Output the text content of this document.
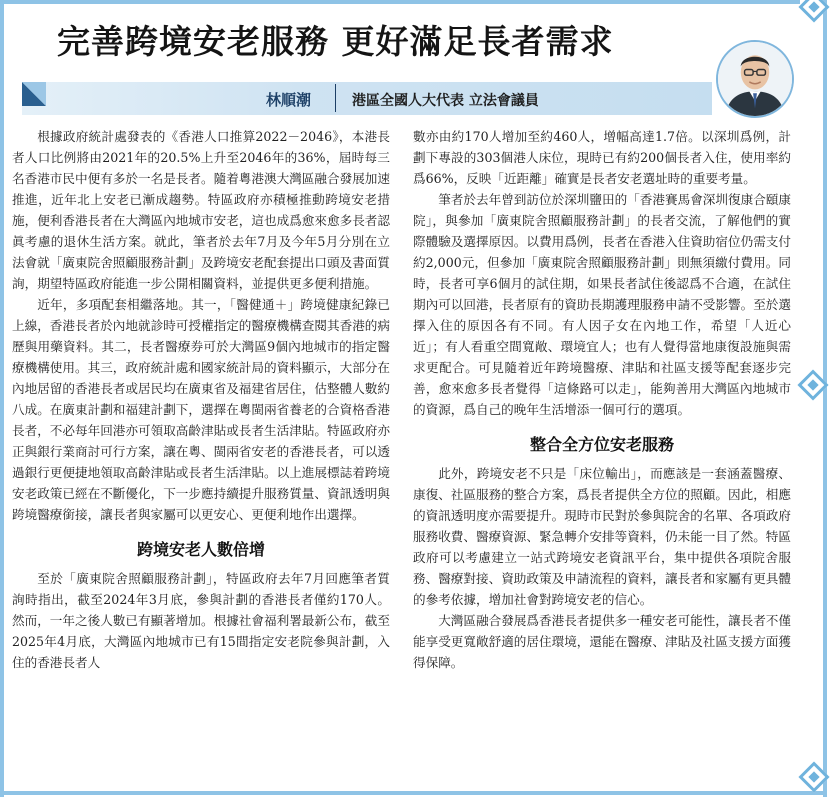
完善跨境安老服務 更好滿足長者需求
林順潮	港區全國人大代表 立法會議員

根據政府統計處發表的《香港人口推算2022－2046》，本港長者人口比例將由2021年的20.5%上升至2046年的36%，屆時每三名香港市民中便有多於一名是長者。隨着粵港澳大灣區融合發展加速推進，近年北上安老已漸成趨勢。特區政府亦積極推動跨境安老措施，便利香港長者在大灣區內地城市安老，這也成爲愈來愈多長者認眞考慮的退休生活方案。就此，筆者於去年7月及今年5月分別在立法會就「廣東院舍照顧服務計劃」及跨境安老配套提出口頭及書面質詢，期望特區政府能進一步公開相關資料，並提供更多便利措施。

近年，多項配套相繼落地。其一，「醫健通＋」跨境健康紀錄已上線，香港長者於內地就診時可授權指定的醫療機構查閱其香港的病歷與用藥資料。其二，長者醫療券可於大灣區9個內地城市的指定醫療機構使用。其三，政府統計處和國家統計局的資料顯示，大部分在內地居留的香港長者或居民均在廣東省及福建省居住，估整體人數約八成。在廣東計劃和福建計劃下，選擇在粵閩兩省養老的合資格香港長者，不必每年回港亦可領取高齡津貼或長者生活津貼。特區政府亦正與銀行業商討可行方案，讓在粵、閩兩省安老的香港長者，可以透過銀行更便捷地領取高齡津貼或長者生活津貼。以上進展標誌着跨境安老政策已經在不斷優化，下一步應持續提升服務質量、資訊透明與跨境醫療銜接，讓長者與家屬可以更安心、更便利地作出選擇。

跨境安老人數倍增

至於「廣東院舍照顧服務計劃」，特區政府去年7月回應筆者質詢時指出，截至2024年3月底，參與計劃的香港長者僅約170人。然而，一年之後人數已有顯著增加。根據社會福利署最新公布，截至2025年4月底，大灣區內地城市已有15間指定安老院參與計劃，入住的香港長者人

數亦由約170人增加至約460人，增幅高達1.7倍。以深圳爲例，計劃下專設的303個港人床位，現時已有約200個長者入住，使用率約爲66%，反映「近距離」確實是長者安老選址時的重要考量。

筆者於去年曾到訪位於深圳鹽田的「香港賽馬會深圳復康合頤康院」，與參加「廣東院舍照顧服務計劃」的長者交流，了解他們的實際體驗及選擇原因。以費用爲例，長者在香港入住資助宿位仍需支付約2,000元，但參加「廣東院舍照顧服務計劃」則無須繳付費用。同時，長者可享6個月的試住期，如果長者試住後認爲不合適，在試住期內可以回港，長者原有的資助長期護理服務申請不受影響。至於選擇入住的原因各有不同。有人因子女在內地工作，希望「人近心近」；有人看重空間寬敞、環境宜人；也有人覺得當地康復設施與需求更配合。可見隨着近年跨境醫療、津貼和社區支援等配套逐步完善，愈來愈多長者覺得「這條路可以走」，能夠善用大灣區內地城市的資源，爲自己的晚年生活增添一個可行的選項。

整合全方位安老服務

此外，跨境安老不只是「床位輸出」，而應該是一套涵蓋醫療、康復、社區服務的整合方案，爲長者提供全方位的照顧。因此，相應的資訊透明度亦需要提升。現時市民對於參與院舍的名單、各項政府服務收費、醫療資源、緊急轉介安排等資料，仍未能一目了然。特區政府可以考慮建立一站式跨境安老資訊平台，集中提供各項院舍服務、醫療對接、資助政策及申請流程的資料，讓長者和家屬有更具體的參考依據，增加社會對跨境安老的信心。

大灣區融合發展爲香港長者提供多一種安老可能性，讓長者不僅能享受更寬敞舒適的居住環境，還能在醫療、津貼及社區支援方面獲得保障。
